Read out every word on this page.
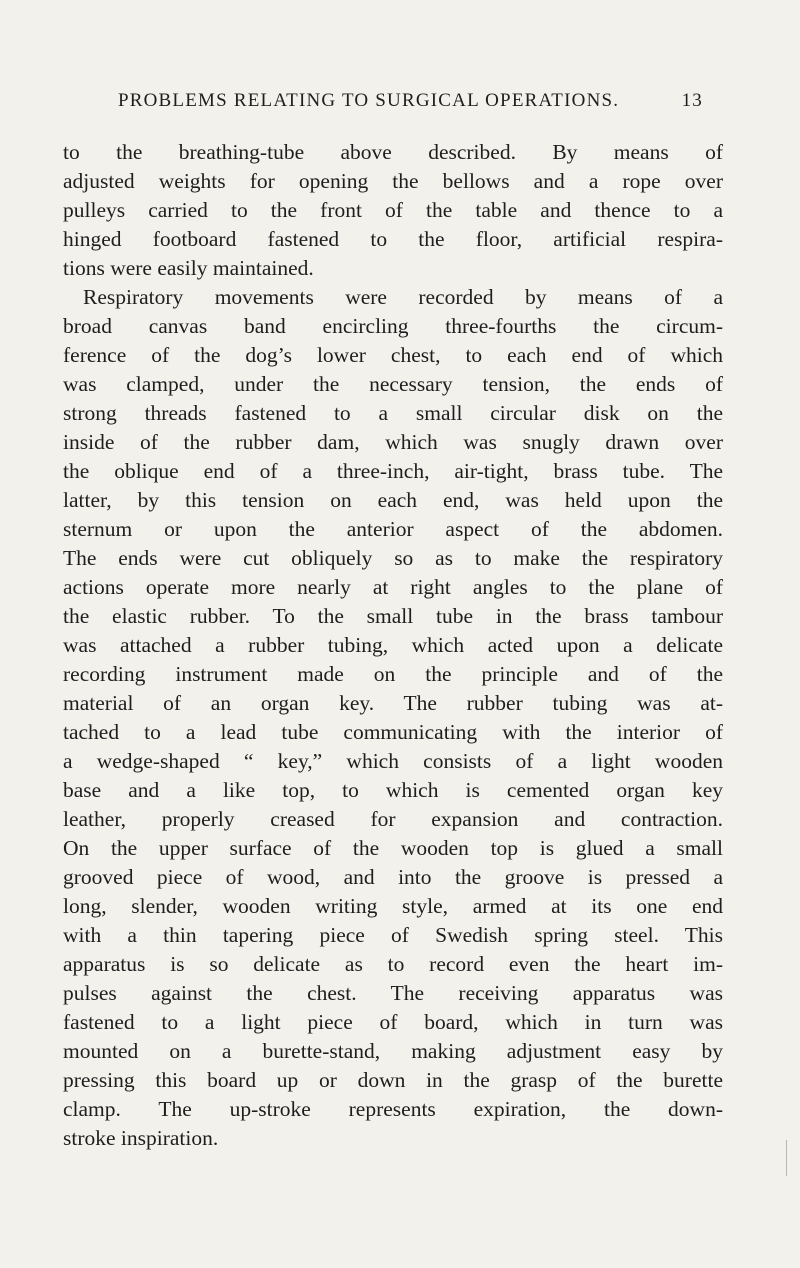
PROBLEMS RELATING TO SURGICAL OPERATIONS.	13
to the breathing-tube above described. By means of
adjusted weights for opening the bellows and a rope over
pulleys carried to the front of the table and thence to a
hinged footboard fastened to the floor, artificial respira-
tions were easily maintained.
Respiratory movements were recorded by means of a
broad canvas band encircling three-fourths the circum-
ference of the dog’s lower chest, to each end of which
was clamped, under the necessary tension, the ends of
strong threads fastened to a small circular disk on the
inside of the rubber dam, which was snugly drawn over
the oblique end of a three-inch, air-tight, brass tube. The
latter, by this tension on each end, was held upon the
sternum or upon the anterior aspect of the abdomen.
The ends were cut obliquely so as to make the respiratory
actions operate more nearly at right angles to the plane of
the elastic rubber. To the small tube in the brass tambour
was attached a rubber tubing, which acted upon a delicate
recording instrument made on the principle and of the
material of an organ key. The rubber tubing was at-
tached to a lead tube communicating with the interior of
a wedge-shaped “ key,” which consists of a light wooden
base and a like top, to which is cemented organ key
leather, properly creased for expansion and contraction.
On the upper surface of the wooden top is glued a small
grooved piece of wood, and into the groove is pressed a
long, slender, wooden writing style, armed at its one end
with a thin tapering piece of Swedish spring steel. This
apparatus is so delicate as to record even the heart im-
pulses against the chest. The receiving apparatus was
fastened to a light piece of board, which in turn was
mounted on a burette-stand, making adjustment easy by
pressing this board up or down in the grasp of the burette
clamp. The up-stroke represents expiration, the down-
stroke inspiration.
